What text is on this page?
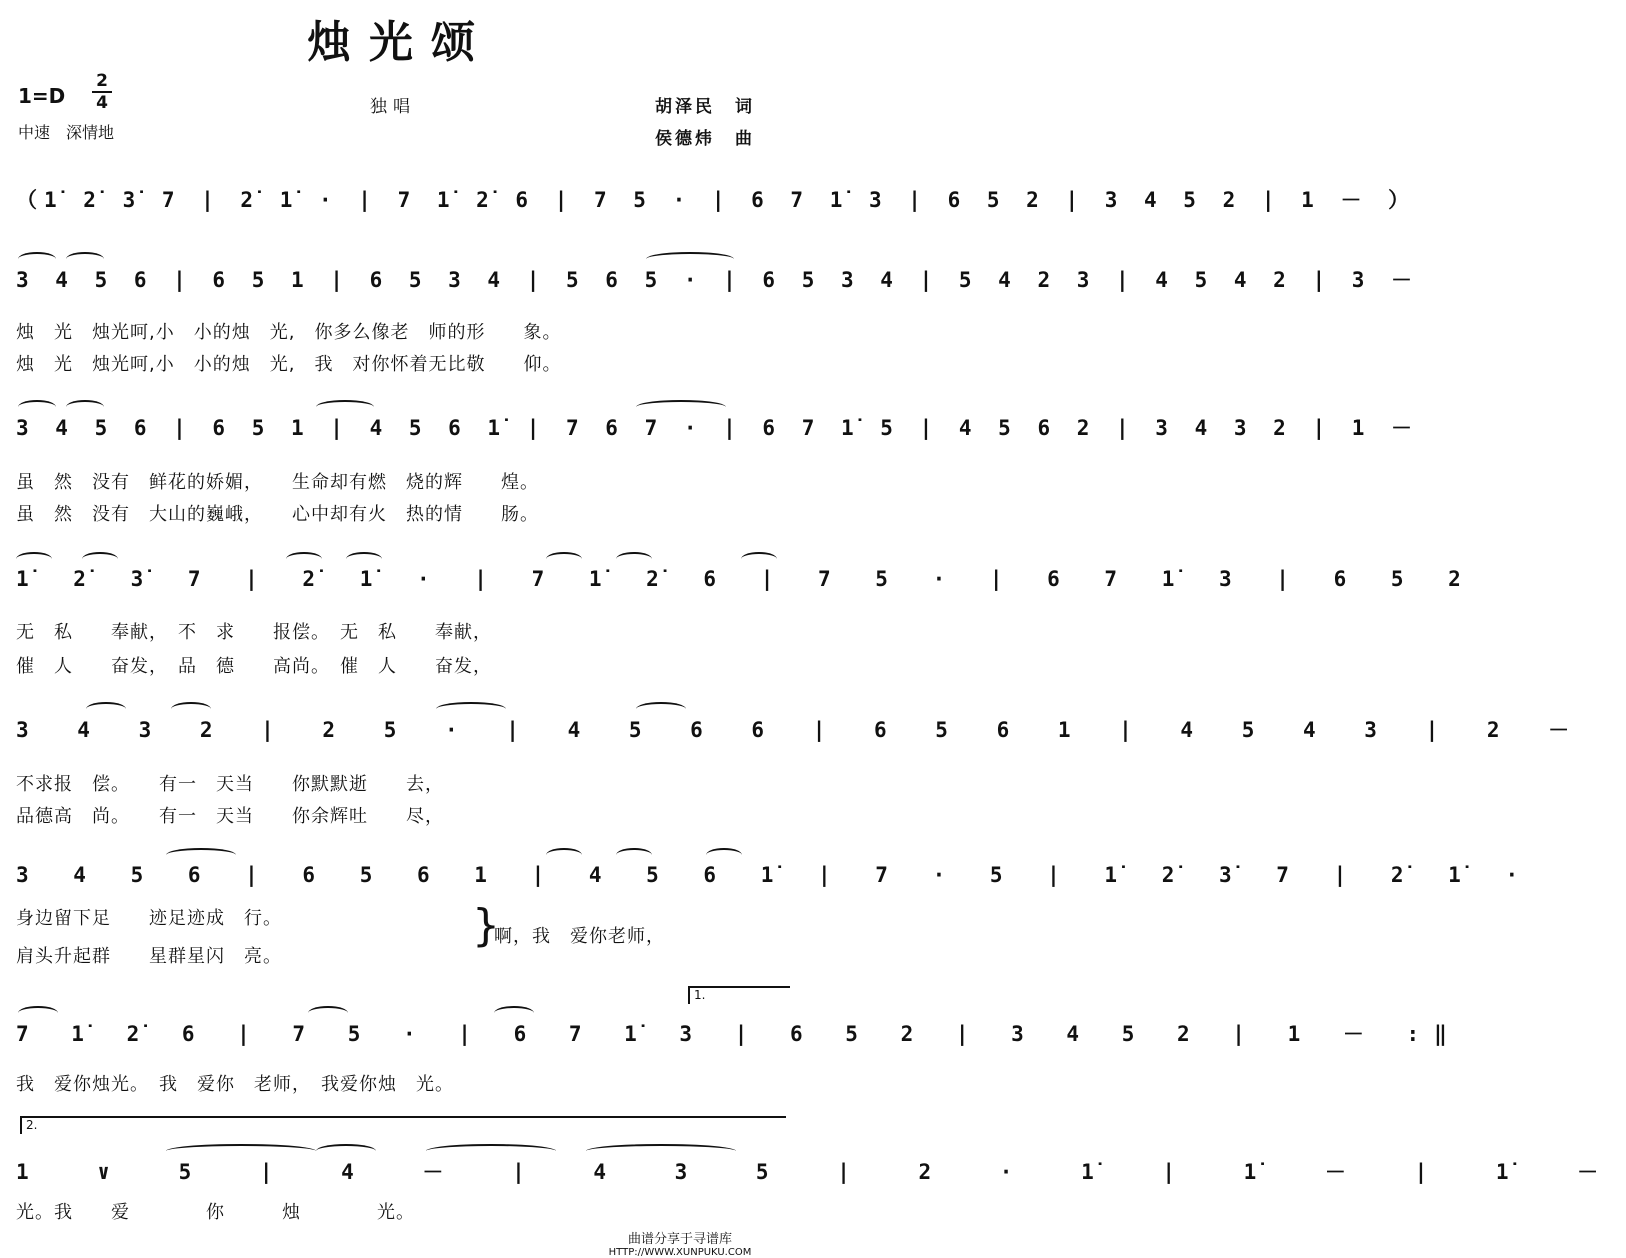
烛光颂
1=D
2
4
中速　深情地
独唱	胡泽民　词
侯德炜　曲
（1̇ 2̇ 3̇ 7 | 2̇ 1̇ · | 7 1̇ 2̇ 6 | 7 5 · | 6 7 1̇ 3 | 6 5 2 | 3 4 5 2 | 1 － ）
3 4 5 6 | 6 5 1 | 6 5 3 4 | 5 6 5 · | 6 5 3 4 | 5 4 2 3 | 4 5 4 2 | 3 －
烛　光　烛光呵,小　小的烛　光,　你多么像老　师的形　　象。
烛　光　烛光呵,小　小的烛　光,　我　对你怀着无比敬　　仰。
3 4 5 6 | 6 5 1 | 4 5 6 1̇ | 7 6 7 · | 6 7 1̇ 5 | 4 5 6 2 | 3 4 3 2 | 1 －
虽　然　没有　鲜花的娇媚，　　生命却有燃　烧的辉　　煌。
虽　然　没有　大山的巍峨，　　心中却有火　热的情　　肠。
1̇ 2̇ 3̇ 7 | 2̇ 1̇ · | 7 1̇ 2̇ 6 | 7 5 · | 6 7 1̇ 3 | 6 5 2
无　私　　奉献，　不　求　　报偿。　无　私　　奉献，
催　人　　奋发，　品　德　　高尚。　催　人　　奋发，
3 4 3 2 | 2 5 · | 4 5 6 6 | 6 5 6 1 | 4 5 4 3 | 2 －
不求报　偿。　　有一　天当　　你默默逝　　去，
品德高　尚。　　有一　天当　　你余辉吐　　尽，
3 4 5 6 | 6 5 6 1 | 4 5 6 1̇ | 7 · 5 | 1̇ 2̇ 3̇ 7 | 2̇ 1̇ ·
身边留下足　　迹足迹成　行。
肩头升起群　　星群星闪　亮。
}
啊，我　爱你老师，
1.
7 1̇ 2̇ 6 | 7 5 · | 6 7 1̇ 3 | 6 5 2 | 3 4 5 2 | 1 － :‖
我　爱你烛光。　我　爱你　老师，　我爱你烛　光。
2.
1 ∨ 5 | 4 － | 4 3 5 | 2 · 1̇ | 1̇ － | 1̇ －
光。我　　爱　　　　你　　　烛　　　　光。
曲谱分享于寻谱库
HTTP://WWW.XUNPUKU.COM
